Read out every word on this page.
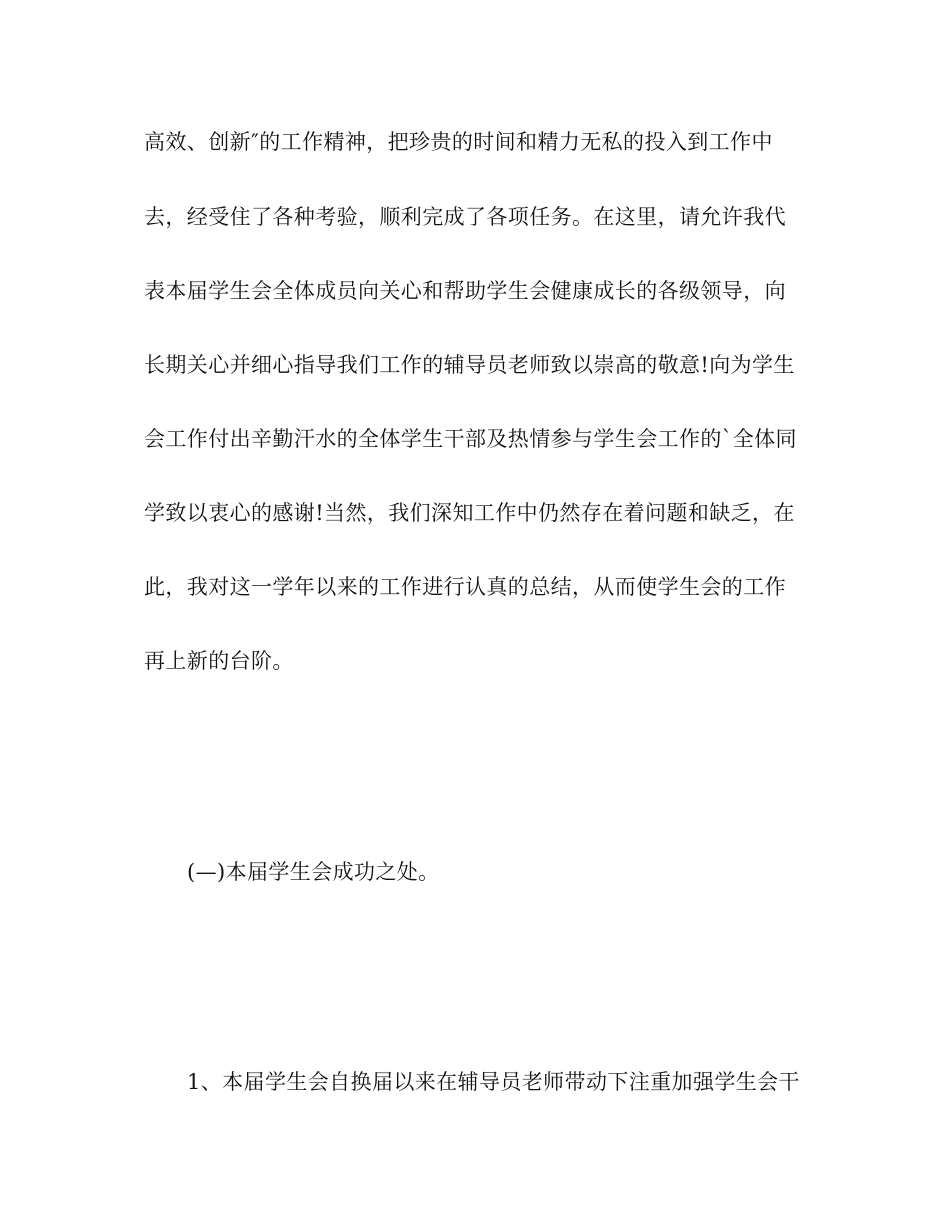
高效、创新″的工作精神，把珍贵的时间和精力无私的投入到工作中
去，经受住了各种考验，顺利完成了各项任务。在这里，请允许我代
表本届学生会全体成员向关心和帮助学生会健康成长的各级领导，向
长期关心并细心指导我们工作的辅导员老师致以崇高的敬意!向为学生
会工作付出辛勤汗水的全体学生干部及热情参与学生会工作的`全体同
学致以衷心的感谢!当然，我们深知工作中仍然存在着问题和缺乏，在
此，我对这一学年以来的工作进行认真的总结，从而使学生会的工作
再上新的台阶。
(—)本届学生会成功之处。
1、本届学生会自换届以来在辅导员老师带动下注重加强学生会干
